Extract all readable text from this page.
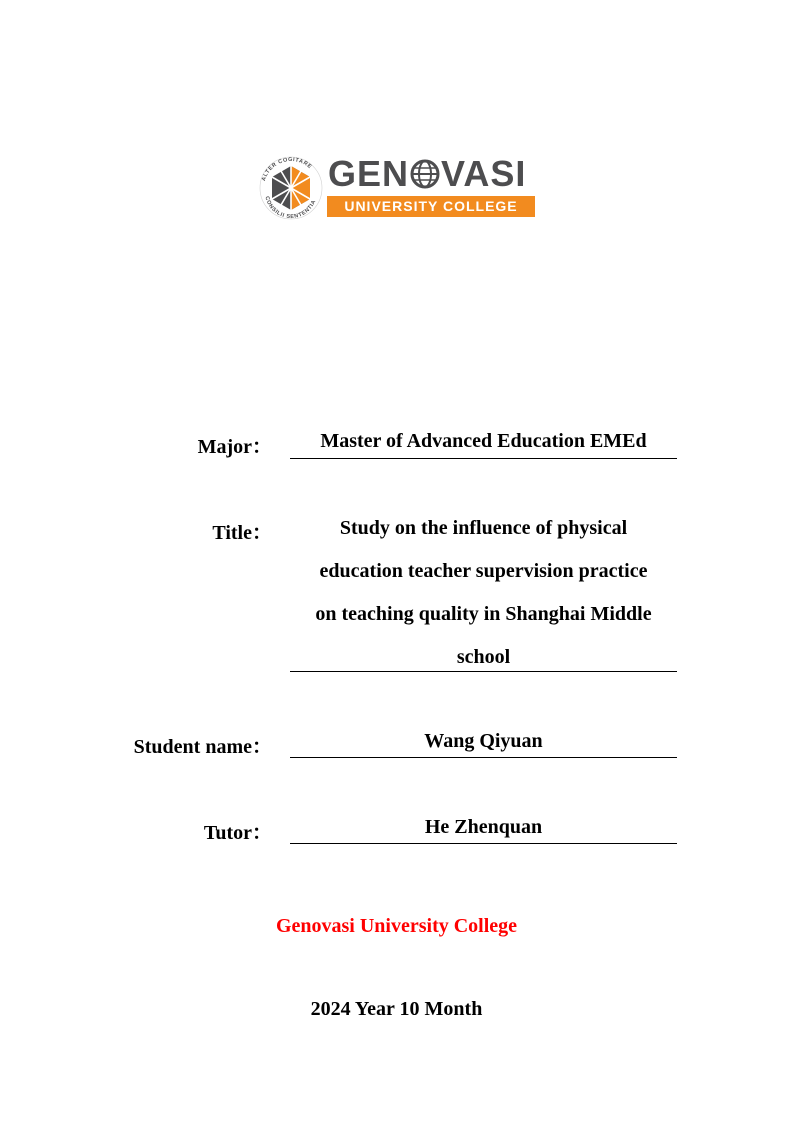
ALTER COGITARE
CONSILII SENTENTIA
GEN VASI
UNIVERSITY COLLEGE
Major：	Master of Advanced Education EMEd
Title：	Study on the influence of physical
education teacher supervision practice
on teaching quality in Shanghai Middle
school
Student name：	Wang Qiyuan
Tutor：	He Zhenquan
Genovasi University College
2024 Year 10 Month
